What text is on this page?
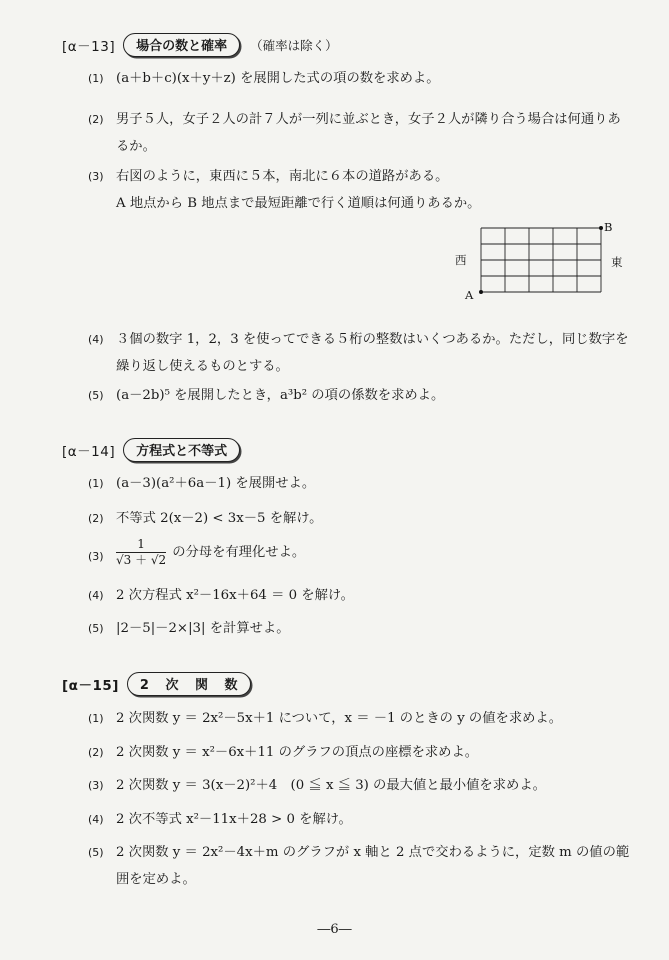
[α－13]	場合の数と確率	（確率は除く）
(1) (a＋b＋c)(x＋y＋z) を展開した式の項の数を求めよ。
(2) 男子５人，女子２人の計７人が一列に並ぶとき，女子２人が隣り合う場合は何通りあるか。
(3) 右図のように，東西に５本，南北に６本の道路がある。
A 地点から B 地点まで最短距離で行く道順は何通りあるか。
西	東
A
B
(4) ３個の数字 1，2，3 を使ってできる５桁の整数はいくつあるか。ただし，同じ数字を繰り返し使えるものとする。
(5) (a－2b)⁵ を展開したとき，a³b² の項の係数を求めよ。
[α－14]	方程式と不等式
(1) (a－3)(a²＋6a－1) を展開せよ。
(2) 不等式 2(x－2) < 3x－5 を解け。
$(3) \frac{1}{√3 + √2}$ の分母を有理化せよ。
(4) 2 次方程式 x²－16x＋64 ＝ 0 を解け。
(5) |2－5|－2×|3| を計算せよ。
[α－15]	2 次 関 数
(1) 2 次関数 y ＝ 2x²－5x＋1 について，x ＝ －1 のときの y の値を求めよ。
(2) 2 次関数 y ＝ x²－6x＋11 のグラフの頂点の座標を求めよ。
(3) 2 次関数 y ＝ 3(x－2)²＋4　(0 ≦ x ≦ 3) の最大値と最小値を求めよ。
(4) 2 次不等式 x²－11x＋28 > 0 を解け。
(5) 2 次関数 y ＝ 2x²－4x＋m のグラフが x 軸と 2 点で交わるように，定数 m の値の範囲を定めよ。
―6―
